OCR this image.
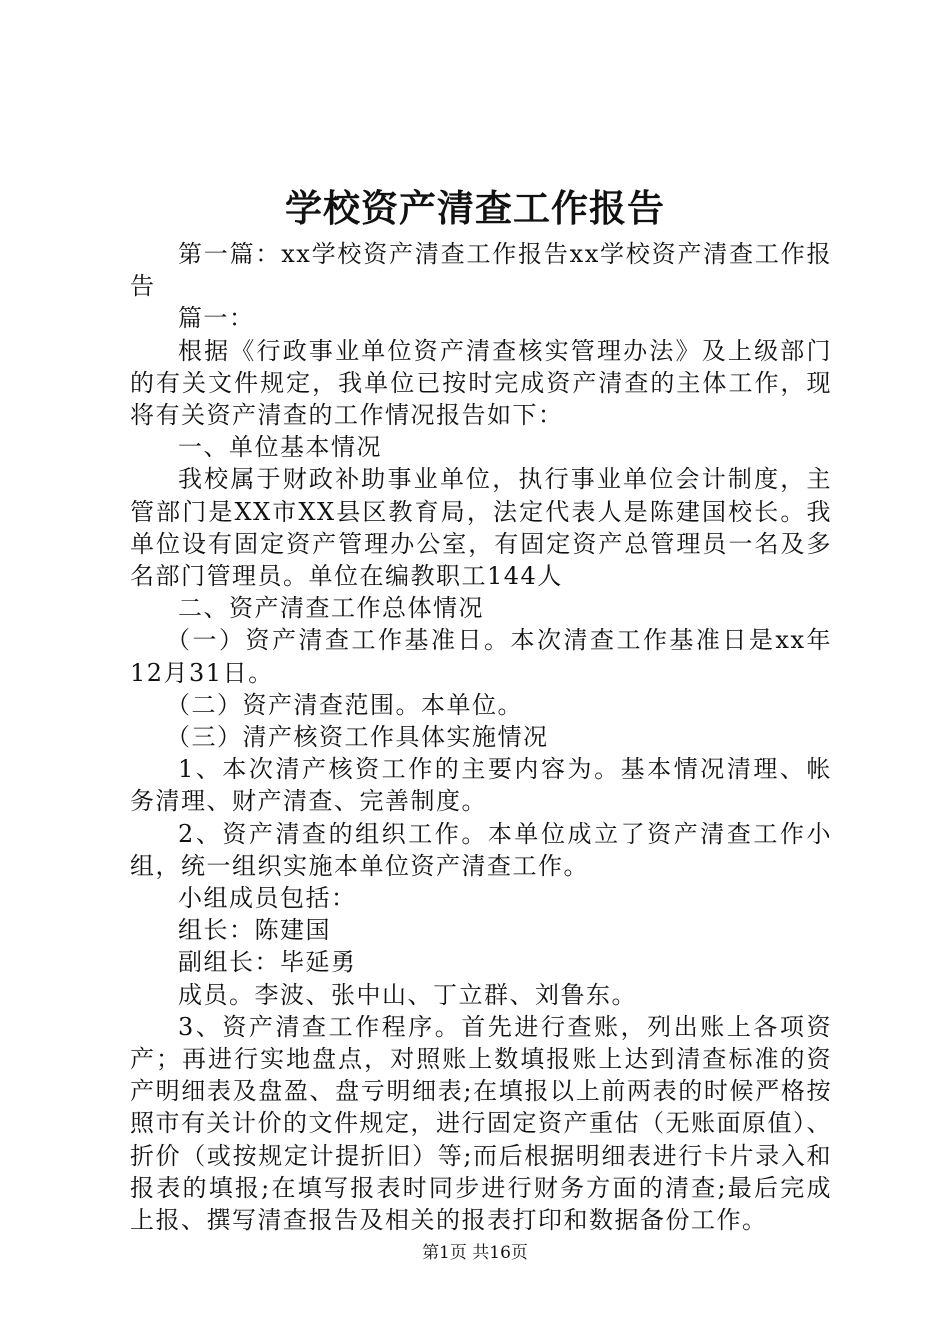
学校资产清查工作报告

第一篇：xx学校资产清查工作报告xx学校资产清查工作报告

篇一：

根据《行政事业单位资产清查核实管理办法》及上级部门的有关文件规定，我单位已按时完成资产清查的主体工作，现将有关资产清查的工作情况报告如下：

一、单位基本情况

我校属于财政补助事业单位，执行事业单位会计制度，主管部门是XX市XX县区教育局，法定代表人是陈建国校长。我单位设有固定资产管理办公室，有固定资产总管理员一名及多名部门管理员。单位在编教职工144人

二、资产清查工作总体情况

（一）资产清查工作基准日。本次清查工作基准日是xx年12月31日。

（二）资产清查范围。本单位。

（三）清产核资工作具体实施情况

1、本次清产核资工作的主要内容为。基本情况清理、帐务清理、财产清查、完善制度。

2、资产清查的组织工作。本单位成立了资产清查工作小组，统一组织实施本单位资产清查工作。

小组成员包括：

组长：陈建国

副组长：毕延勇

成员。李波、张中山、丁立群、刘鲁东。

3、资产清查工作程序。首先进行查账，列出账上各项资产；再进行实地盘点，对照账上数填报账上达到清查标准的资产明细表及盘盈、盘亏明细表;在填报以上前两表的时候严格按照市有关计价的文件规定，进行固定资产重估（无账面原值）、折价（或按规定计提折旧）等;而后根据明细表进行卡片录入和报表的填报;在填写报表时同步进行财务方面的清查;最后完成上报、撰写清查报告及相关的报表打印和数据备份工作。

第1页 共16页
